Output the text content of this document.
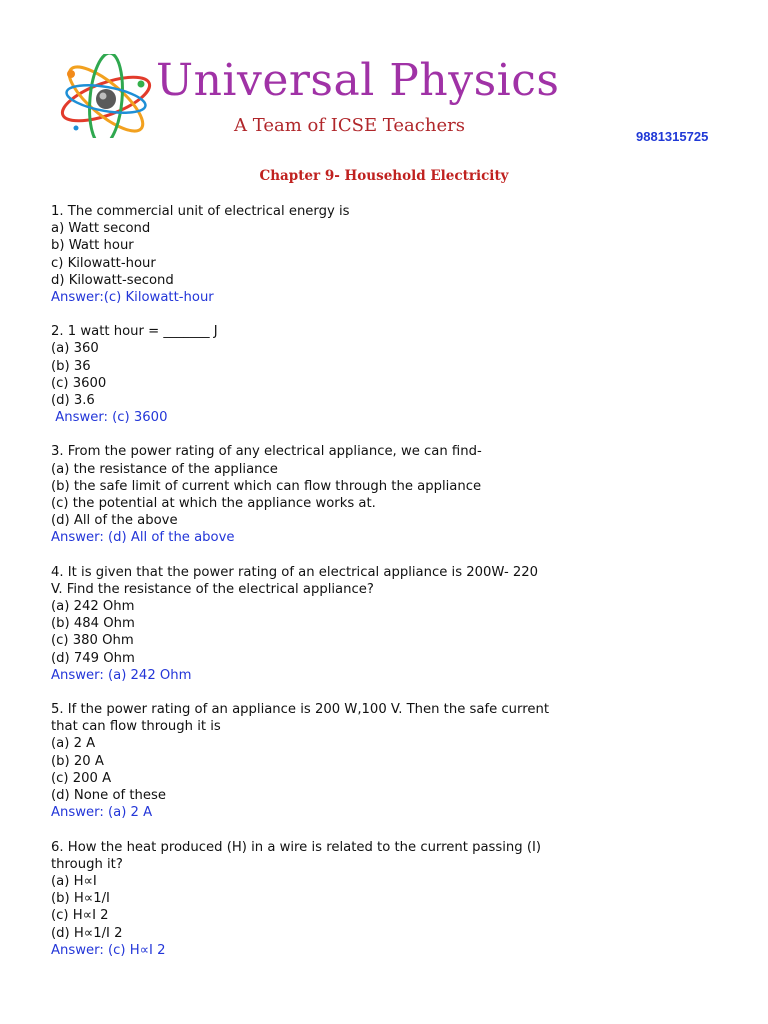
Universal Physics
A Team of ICSE Teachers
9881315725
Chapter 9- Household Electricity
1. The commercial unit of electrical energy is
a) Watt second
b) Watt hour
c) Kilowatt-hour
d) Kilowatt-second
Answer:(c) Kilowatt-hour
2. 1 watt hour = _______ J
(a) 360
(b) 36
(c) 3600
(d) 3.6
Answer: (c) 3600
3. From the power rating of any electrical appliance, we can find-
(a) the resistance of the appliance
(b) the safe limit of current which can flow through the appliance
(c) the potential at which the appliance works at.
(d) All of the above
Answer: (d) All of the above
4. It is given that the power rating of an electrical appliance is 200W- 220
V. Find the resistance of the electrical appliance?
(a) 242 Ohm
(b) 484 Ohm
(c) 380 Ohm
(d) 749 Ohm
Answer: (a) 242 Ohm
5. If the power rating of an appliance is 200 W,100 V. Then the safe current
that can flow through it is
(a) 2 A
(b) 20 A
(c) 200 A
(d) None of these
Answer: (a) 2 A
6. How the heat produced (H) in a wire is related to the current passing (I)
through it?
(a) H∝I
(b) H∝1/I
(c) H∝I 2
(d) H∝1/I 2
Answer: (c) H∝I 2
